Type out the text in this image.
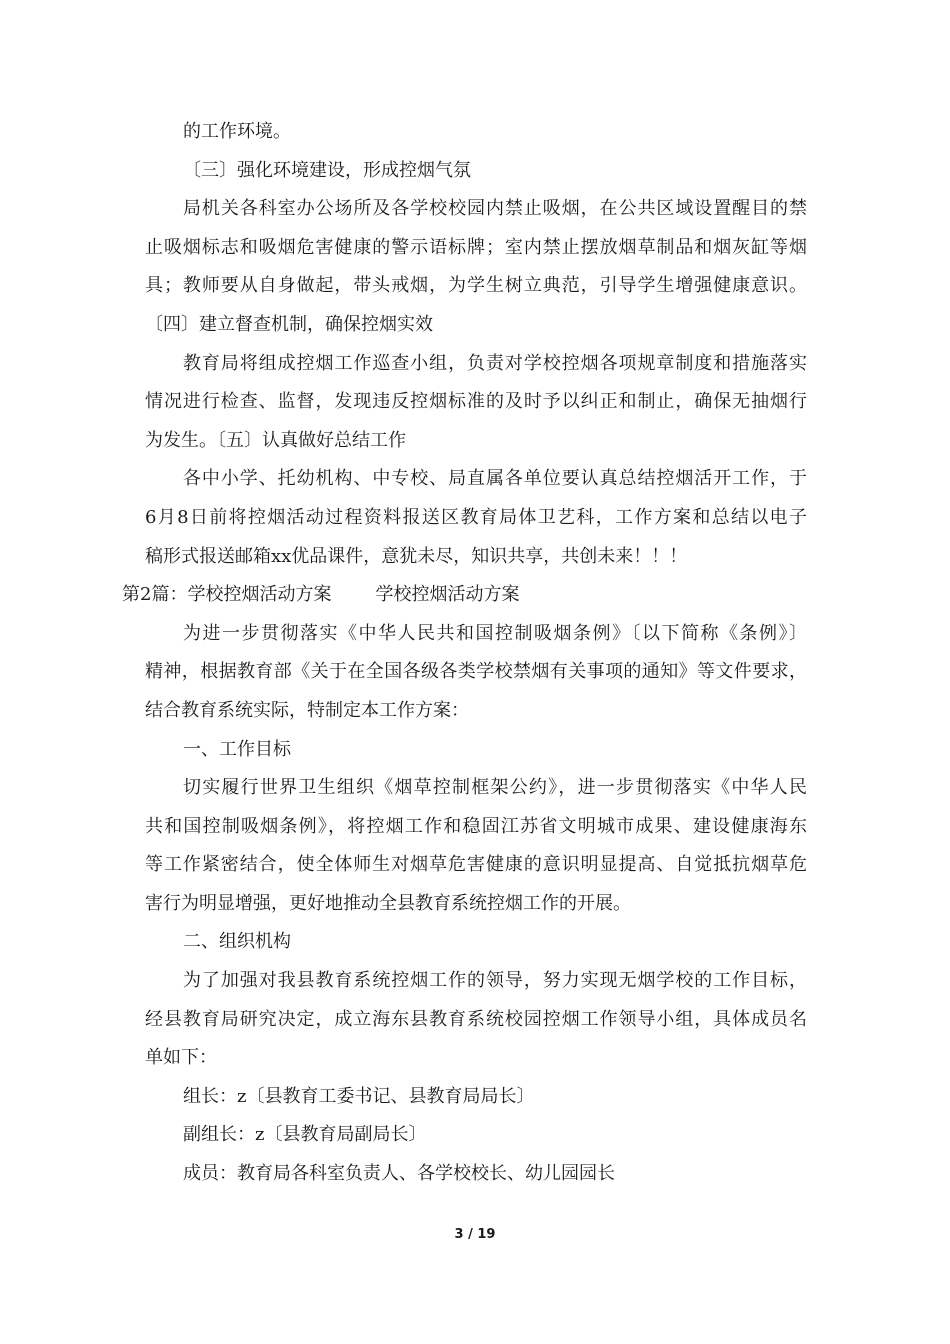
的工作环境。
〔三〕强化环境建设，形成控烟气氛
局机关各科室办公场所及各学校校园内禁止吸烟，在公共区域设置醒目的禁
止吸烟标志和吸烟危害健康的警示语标牌；室内禁止摆放烟草制品和烟灰缸等烟
具；教师要从自身做起，带头戒烟，为学生树立典范，引导学生增强健康意识。
〔四〕建立督查机制，确保控烟实效
教育局将组成控烟工作巡查小组，负责对学校控烟各项规章制度和措施落实
情况进行检查、监督，发现违反控烟标准的及时予以纠正和制止，确保无抽烟行
为发生。〔五〕认真做好总结工作
各中小学、托幼机构、中专校、局直属各单位要认真总结控烟活开工作，于
6月8日前将控烟活动过程资料报送区教育局体卫艺科，工作方案和总结以电子
稿形式报送邮箱xx优品课件，意犹未尽，知识共享，共创未来！！！
第2篇：学校控烟活动方案 学校控烟活动方案
为进一步贯彻落实《中华人民共和国控制吸烟条例》〔以下简称《条例》〕
精神，根据教育部《关于在全国各级各类学校禁烟有关事项的通知》等文件要求，
结合教育系统实际，特制定本工作方案：
一、工作目标
切实履行世界卫生组织《烟草控制框架公约》，进一步贯彻落实《中华人民
共和国控制吸烟条例》，将控烟工作和稳固江苏省文明城市成果、建设健康海东
等工作紧密结合，使全体师生对烟草危害健康的意识明显提高、自觉抵抗烟草危
害行为明显增强，更好地推动全县教育系统控烟工作的开展。
二、组织机构
为了加强对我县教育系统控烟工作的领导，努力实现无烟学校的工作目标，
经县教育局研究决定，成立海东县教育系统校园控烟工作领导小组，具体成员名
单如下：
组长：z〔县教育工委书记、县教育局局长〕
副组长：z〔县教育局副局长〕
成员：教育局各科室负责人、各学校校长、幼儿园园长
3 / 19
